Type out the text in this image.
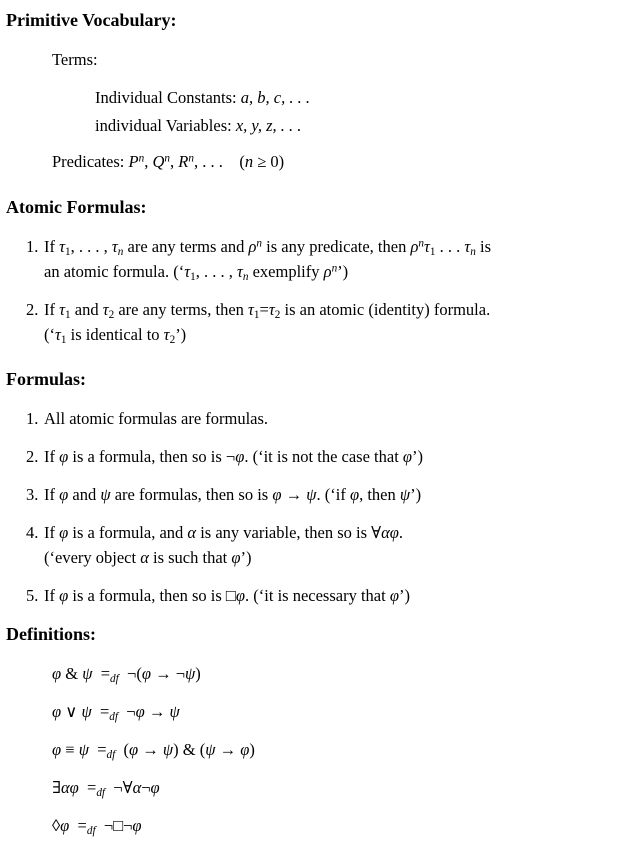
Primitive Vocabulary:
Terms:
Individual Constants: a, b, c, . . .
individual Variables: x, y, z, . . .
Predicates: $P^n$, $Q^n$, $R^n$, . . .  (n ≥ 0)
Atomic Formulas:
1. If τ1, . . . , τn are any terms and $\rho^n$ is any predicate, then $\rho^n\tau 1$ . . . τn is
an atomic formula. (‘τ1, . . . , τn exemplify $\rho^n$’)
2. If τ1 and τ2 are any terms, then τ1=τ2 is an atomic (identity) formula.
(‘τ1 is identical to τ2’)
Formulas:
1. All atomic formulas are formulas.
2. If φ is a formula, then so is ¬φ. (‘it is not the case that φ’)
3. If φ and ψ are formulas, then so is φ → ψ. (‘if φ, then ψ’)
4. If φ is a formula, and α is any variable, then so is ∀αφ.
(‘every object α is such that φ’)
5. If φ is a formula, then so is □φ. (‘it is necessary that φ’)
Definitions:
φ & ψ  =df  ¬(φ → ¬ψ)
φ ∨ ψ  =df  ¬φ → ψ
φ ≡ ψ  =df  (φ → ψ) & (ψ → φ)
∃αφ  =df  ¬∀α¬φ
◊φ  =df  ¬□¬φ
